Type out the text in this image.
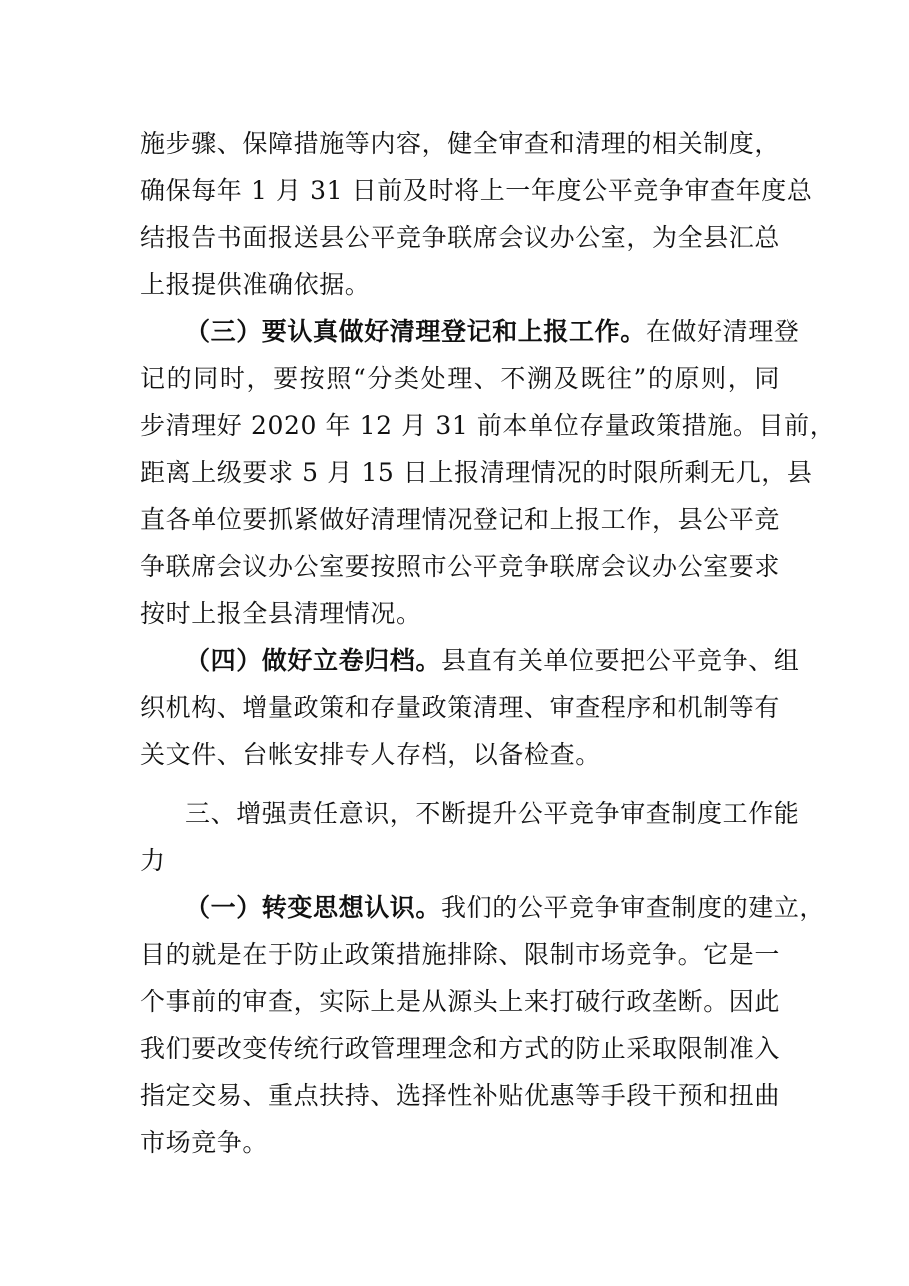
施步骤、保障措施等内容，健全审查和清理的相关制度，
确保每年 1 月 31 日前及时将上一年度公平竞争审查年度总
结报告书面报送县公平竞争联席会议办公室，为全县汇总
上报提供准确依据。
（三）要认真做好清理登记和上报工作。在做好清理登
记的同时，要按照“分类处理、不溯及既往”的原则，同
步清理好 2020 年 12 月 31 前本单位存量政策措施。目前，
距离上级要求 5 月 15 日上报清理情况的时限所剩无几，县
直各单位要抓紧做好清理情况登记和上报工作，县公平竞
争联席会议办公室要按照市公平竞争联席会议办公室要求
按时上报全县清理情况。
（四）做好立卷归档。县直有关单位要把公平竞争、组
织机构、增量政策和存量政策清理、审查程序和机制等有
关文件、台帐安排专人存档，以备检查。
三、增强责任意识，不断提升公平竞争审查制度工作能
力
（一）转变思想认识。我们的公平竞争审查制度的建立，
目的就是在于防止政策措施排除、限制市场竞争。它是一
个事前的审查，实际上是从源头上来打破行政垄断。因此
我们要改变传统行政管理理念和方式的防止采取限制准入
指定交易、重点扶持、选择性补贴优惠等手段干预和扭曲
市场竞争。
